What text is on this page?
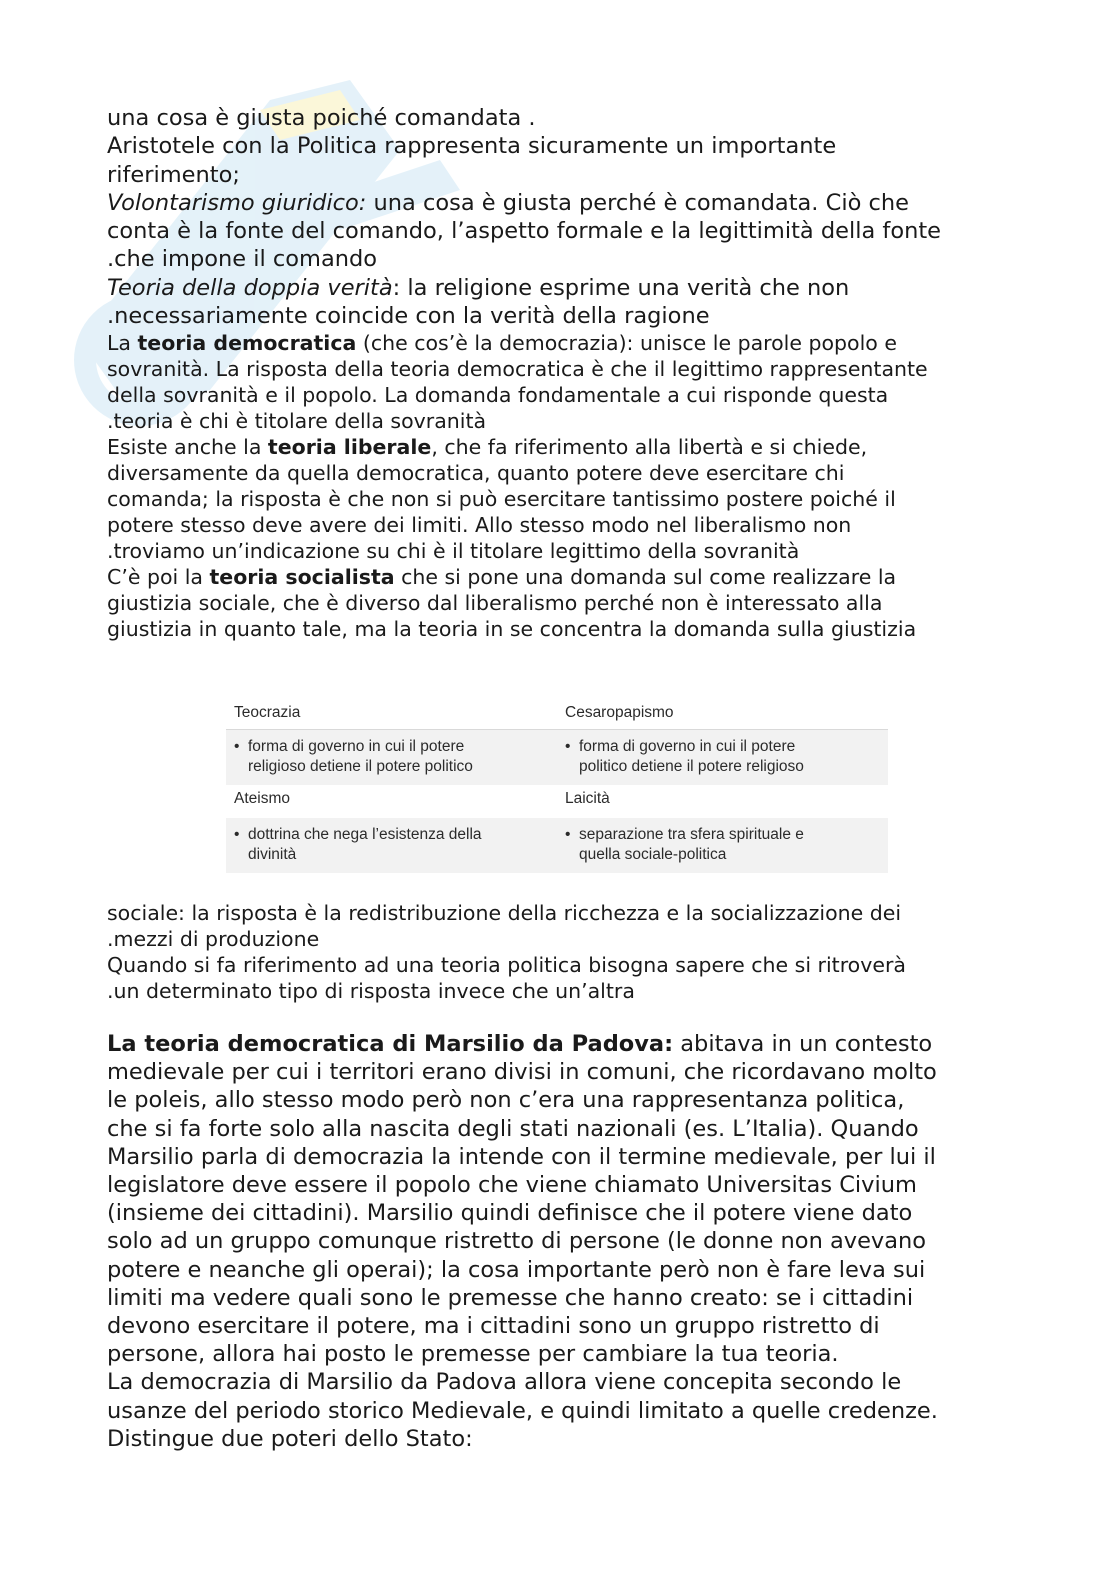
una cosa è giusta poiché comandata .
Aristotele con la Politica rappresenta sicuramente un importante
riferimento;
Volontarismo giuridico: una cosa è giusta perché è comandata. Ciò che
conta è la fonte del comando, l’aspetto formale e la legittimità della fonte
.che impone il comando
Teoria della doppia verità: la religione esprime una verità che non
.necessariamente coincide con la verità della ragione
La teoria democratica (che cos’è la democrazia): unisce le parole popolo e
sovranità. La risposta della teoria democratica è che il legittimo rappresentante
della sovranità e il popolo. La domanda fondamentale a cui risponde questa
.teoria è chi è titolare della sovranità
Esiste anche la teoria liberale, che fa riferimento alla libertà e si chiede,
diversamente da quella democratica, quanto potere deve esercitare chi
comanda; la risposta è che non si può esercitare tantissimo postere poiché il
potere stesso deve avere dei limiti. Allo stesso modo nel liberalismo non
.troviamo un’indicazione su chi è il titolare legittimo della sovranità
C’è poi la teoria socialista che si pone una domanda sul come realizzare la
giustizia sociale, che è diverso dal liberalismo perché non è interessato alla
giustizia in quanto tale, ma la teoria in se concentra la domanda sulla giustizia
Teocrazia	Cesaropapismo
• forma di governo in cui il potere
religioso detiene il potere politico
• forma di governo in cui il potere
politico detiene il potere religioso
Ateismo	Laicità
• dottrina che nega l’esistenza della
divinità
• separazione tra sfera spirituale e
quella sociale-politica
sociale: la risposta è la redistribuzione della ricchezza e la socializzazione dei
.mezzi di produzione
Quando si fa riferimento ad una teoria politica bisogna sapere che si ritroverà
.un determinato tipo di risposta invece che un’altra
La teoria democratica di Marsilio da Padova: abitava in un contesto
medievale per cui i territori erano divisi in comuni, che ricordavano molto
le poleis, allo stesso modo però non c’era una rappresentanza politica,
che si fa forte solo alla nascita degli stati nazionali (es. L’Italia). Quando
Marsilio parla di democrazia la intende con il termine medievale, per lui il
legislatore deve essere il popolo che viene chiamato Universitas Civium
(insieme dei cittadini). Marsilio quindi definisce che il potere viene dato
solo ad un gruppo comunque ristretto di persone (le donne non avevano
potere e neanche gli operai); la cosa importante però non è fare leva sui
limiti ma vedere quali sono le premesse che hanno creato: se i cittadini
devono esercitare il potere, ma i cittadini sono un gruppo ristretto di
persone, allora hai posto le premesse per cambiare la tua teoria.
La democrazia di Marsilio da Padova allora viene concepita secondo le
usanze del periodo storico Medievale, e quindi limitato a quelle credenze.
Distingue due poteri dello Stato:
